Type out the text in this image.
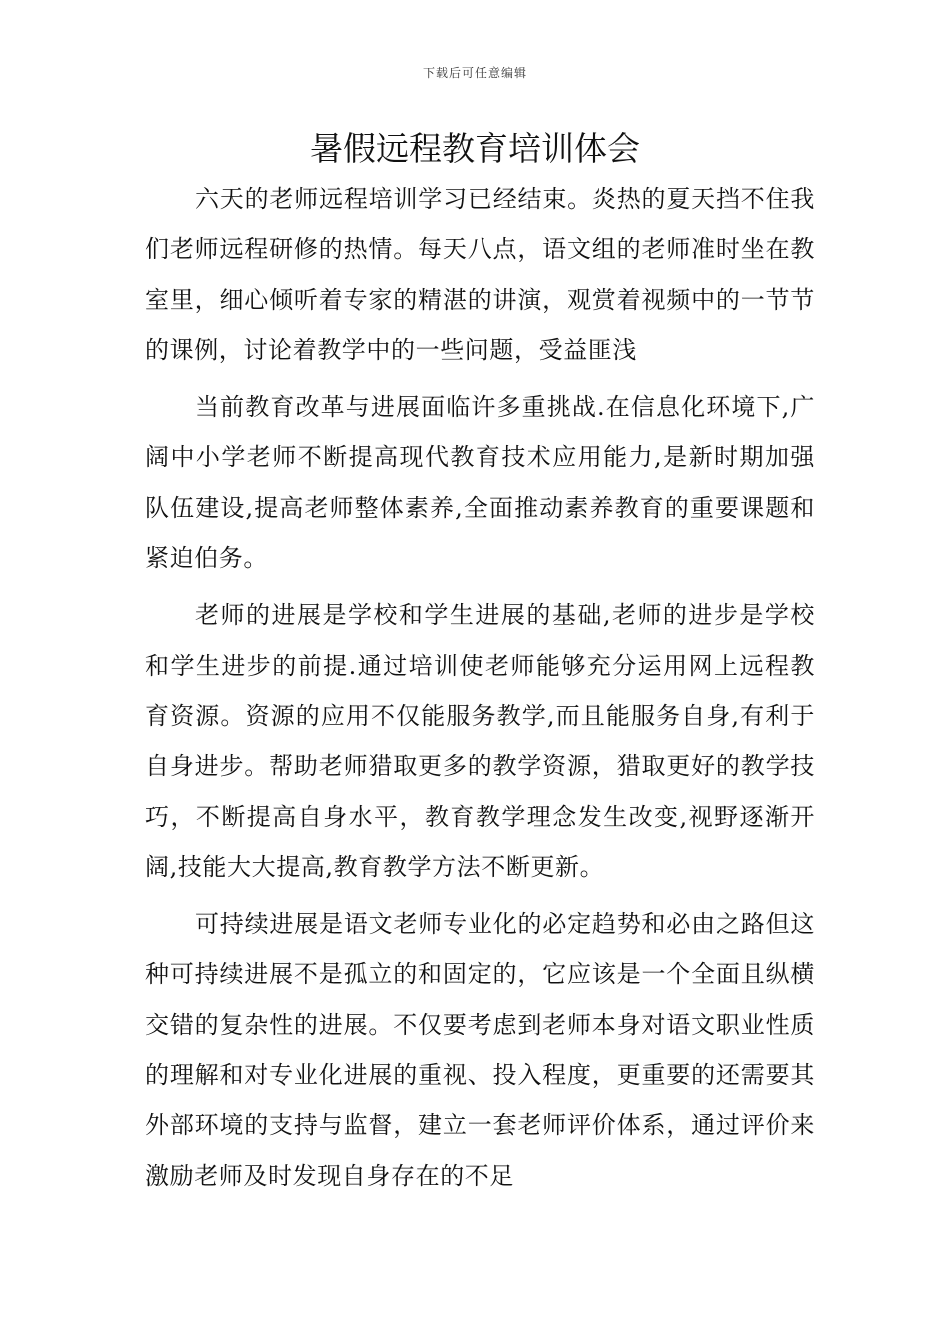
下载后可任意编辑
暑假远程教育培训体会

六天的老师远程培训学习已经结束。炎热的夏天挡不住我们老师远程研修的热情。每天八点，语文组的老师准时坐在教室里，细心倾听着专家的精湛的讲演，观赏着视频中的一节节的课例，讨论着教学中的一些问题，受益匪浅

当前教育改革与进展面临许多重挑战.在信息化环境下,广阔中小学老师不断提高现代教育技术应用能力,是新时期加强队伍建设,提高老师整体素养,全面推动素养教育的重要课题和紧迫伯务。

老师的进展是学校和学生进展的基础,老师的进步是学校和学生进步的前提.通过培训使老师能够充分运用网上远程教育资源。资源的应用不仅能服务教学,而且能服务自身,有利于自身进步。帮助老师猎取更多的教学资源，猎取更好的教学技巧，不断提高自身水平，教育教学理念发生改变,视野逐渐开阔,技能大大提高,教育教学方法不断更新。

可持续进展是语文老师专业化的必定趋势和必由之路但这种可持续进展不是孤立的和固定的，它应该是一个全面且纵横交错的复杂性的进展。不仅要考虑到老师本身对语文职业性质的理解和对专业化进展的重视、投入程度，更重要的还需要其外部环境的支持与监督，建立一套老师评价体系，通过评价来激励老师及时发现自身存在的不足
